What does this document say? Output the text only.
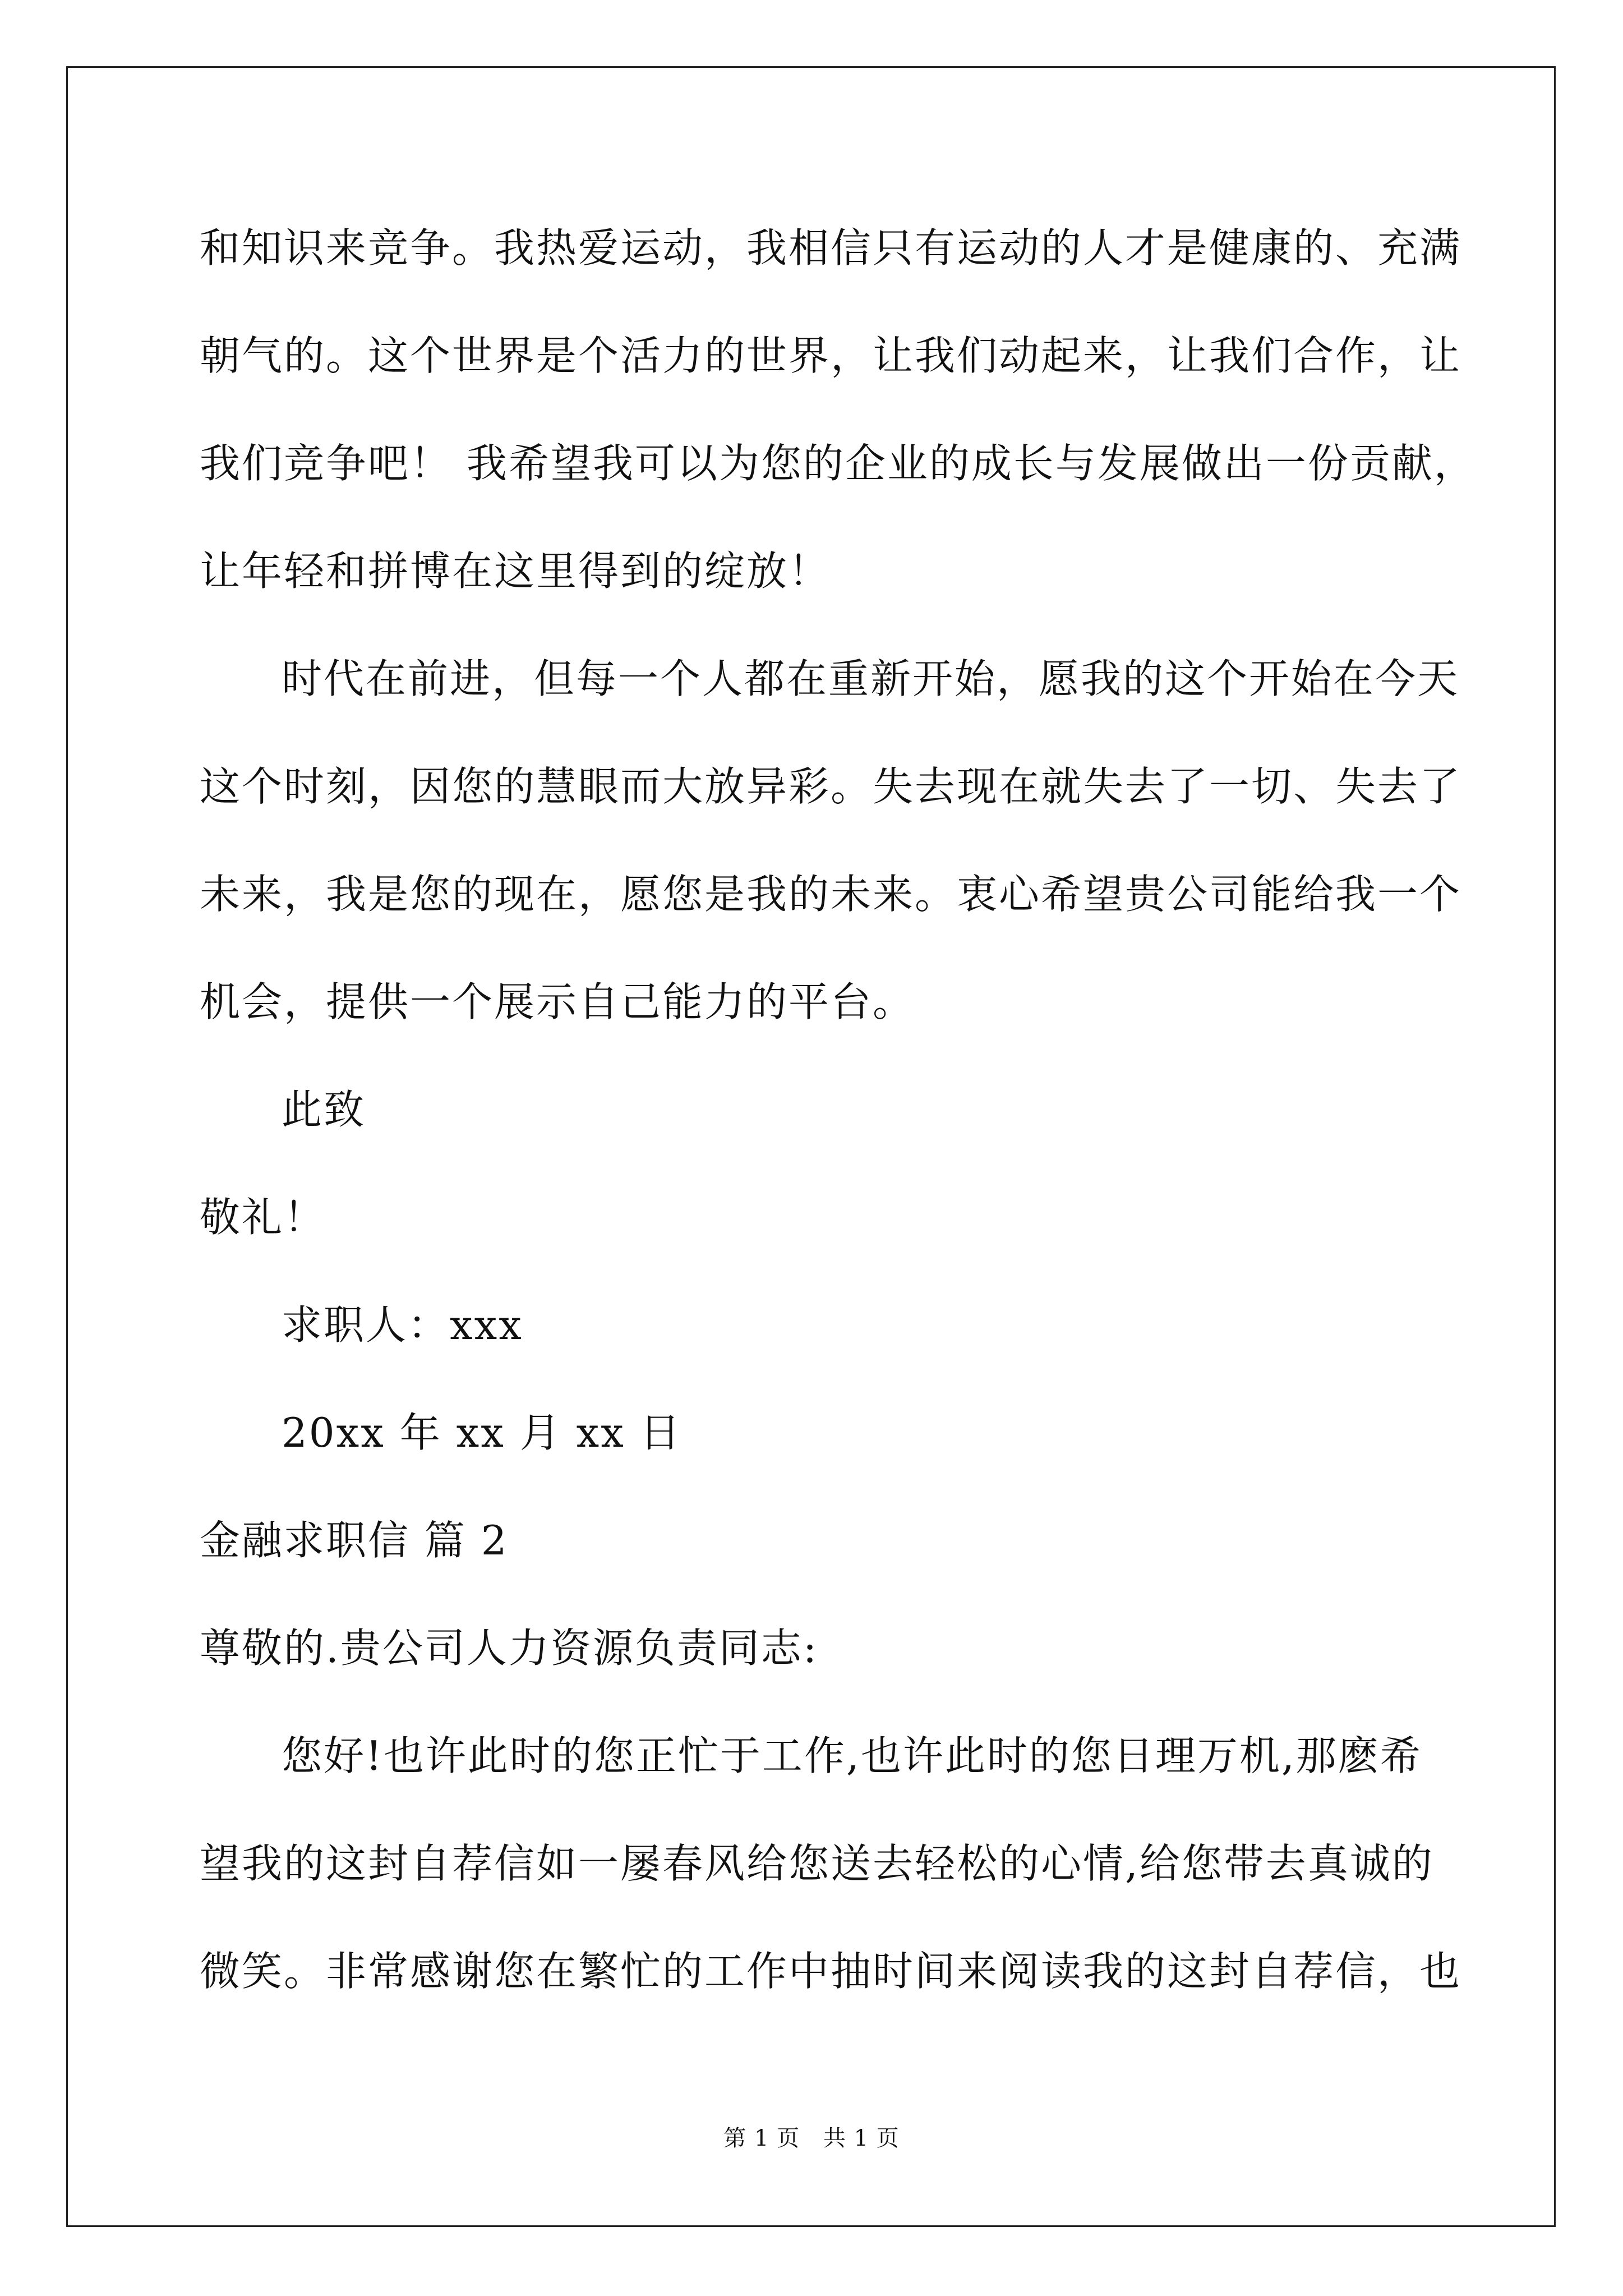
和知识来竞争。我热爱运动，我相信只有运动的人才是健康的、充满
朝气的。这个世界是个活力的世界，让我们动起来，让我们合作，让
我们竞争吧！ 我希望我可以为您的企业的成长与发展做出一份贡献，
让年轻和拼博在这里得到的绽放！
时代在前进，但每一个人都在重新开始，愿我的这个开始在今天
这个时刻，因您的慧眼而大放异彩。失去现在就失去了一切、失去了
未来，我是您的现在，愿您是我的未来。衷心希望贵公司能给我一个
机会，提供一个展示自己能力的平台。
此致
敬礼！
求职人：xxx
20xx 年 xx 月 xx 日
金融求职信 篇 2
尊敬的.贵公司人力资源负责同志:
您好!也许此时的您正忙于工作,也许此时的您日理万机,那麽希
望我的这封自荐信如一屡春风给您送去轻松的心情,给您带去真诚的
微笑。非常感谢您在繁忙的工作中抽时间来阅读我的这封自荐信，也
第 1 页 共 1 页
